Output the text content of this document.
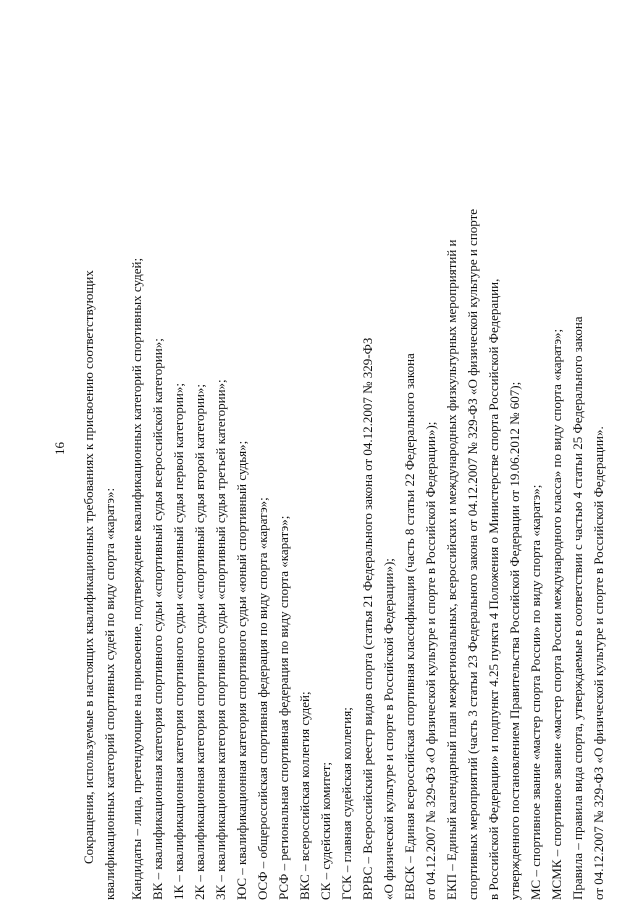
16 Сокращения, используемые в настоящих квалификационных требованиях к присвоению соответствующих квалификационных категорий спортивных судей по виду спорта «каратэ»: Кандидаты – лица, претендующие на присвоение, подтверждение квалификационных категорий спортивных судей; ВК – квалификационная категория спортивного судьи «спортивный судья всероссийской категории»; 1К – квалификационная категория спортивного судьи «спортивный судья первой категории»; 2К – квалификационная категория спортивного судьи «спортивный судья второй категории»; 3К – квалификационная категория спортивного судьи «спортивный судья третьей категории»; ЮС – квалификационная категория спортивного судьи «юный спортивный судья»; ОСФ – общероссийская спортивная федерация по виду спорта «каратэ»; РСФ – региональная спортивная федерация по виду спорта «каратэ»; ВКС – всероссийская коллегия судей; СК – судейский комитет; ГСК – главная судейская коллегия; ВРВС – Всероссийский реестр видов спорта (статья 21 Федерального закона от 04.12.2007 № 329-ФЗ «О физической культуре и спорте в Российской Федерации»); ЕВСК – Единая всероссийская спортивная классификация (часть 8 статьи 22 Федерального закона от 04.12.2007 № 329-ФЗ «О физической культуре и спорте в Российской Федерации»); ЕКП – Единый календарный план межрегиональных, всероссийских и международных физкультурных мероприятий и спортивных мероприятий (часть 3 статьи 23 Федерального закона от 04.12.2007 № 329-ФЗ «О физической культуре и спорте в Российской Федерации» и подпункт 4.25 пункта 4 Положения о Министерстве спорта Российской Федерации, утвержденного постановлением Правительства Российской Федерации от 19.06.2012 № 607); МС – спортивное звание «мастер спорта России» по виду спорта «каратэ»; МСМК – спортивное звание «мастер спорта России международного класса» по виду спорта «каратэ»; Правила – правила вида спорта, утверждаемые в соответствии с частью 4 статьи 25 Федерального закона от 04.12.2007 № 329-ФЗ «О физической культуре и спорте в Российской Федерации».
